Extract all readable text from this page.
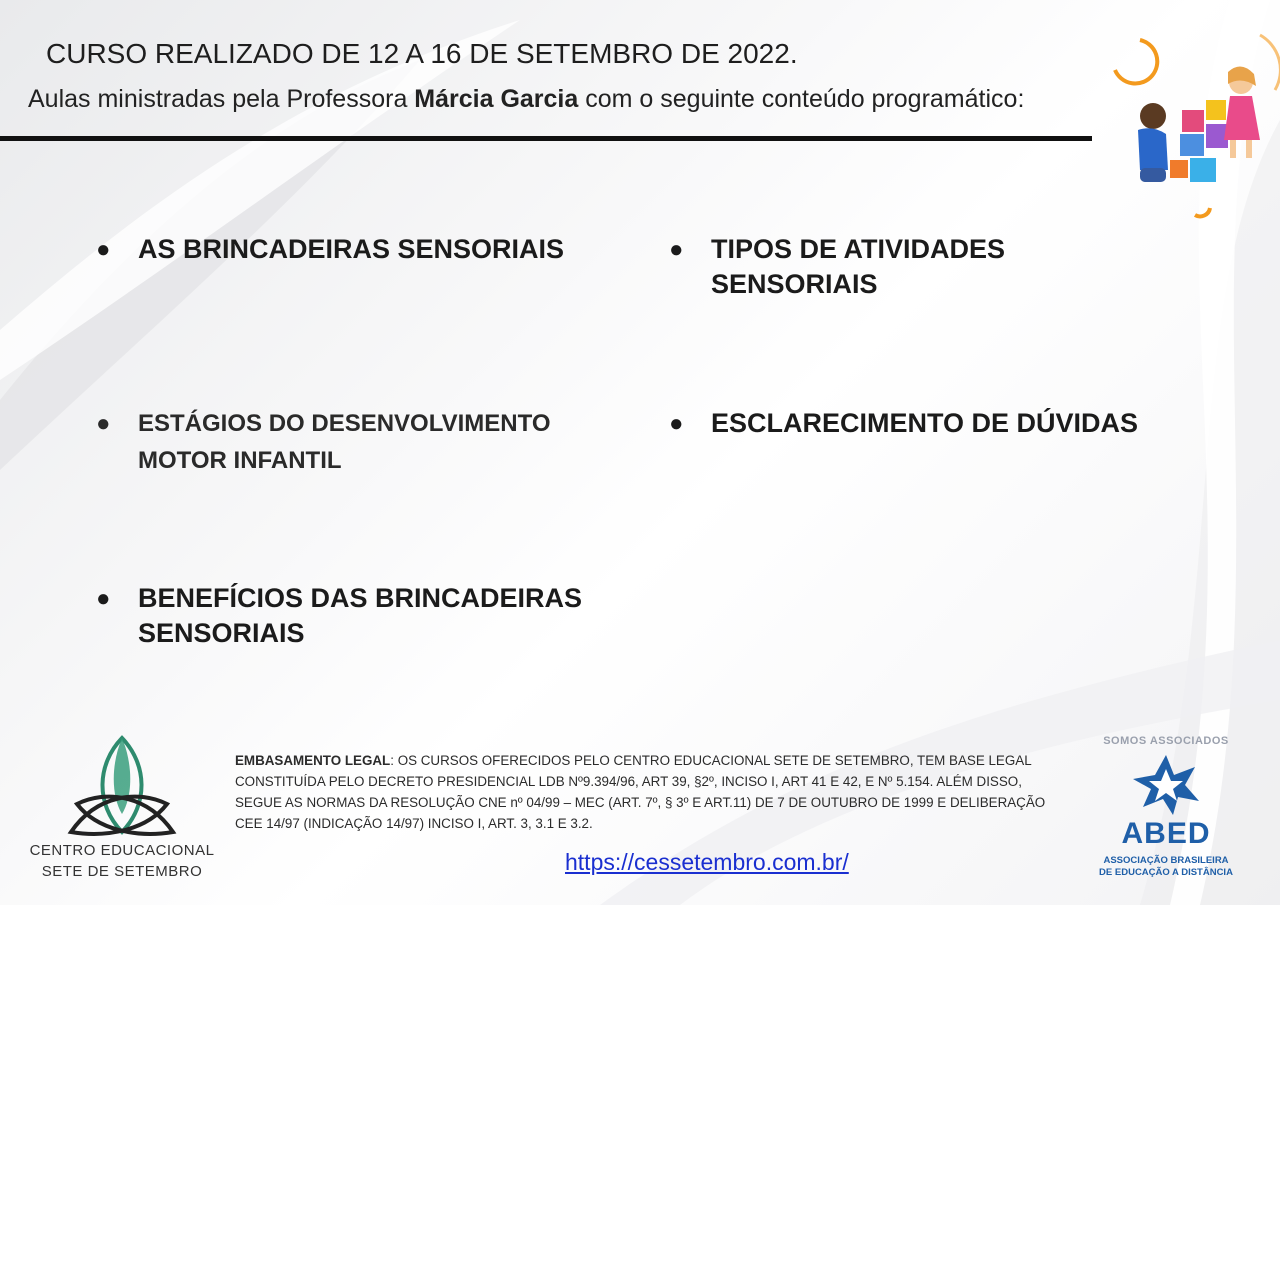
CURSO REALIZADO DE 12 A 16 DE SETEMBRO DE 2022.

Aulas ministradas pela Professora Márcia Garcia com o seguinte conteúdo programático:

● AS BRINCADEIRAS SENSORIAIS
● ESTÁGIOS DO DESENVOLVIMENTO
MOTOR INFANTIL
● BENEFÍCIOS DAS BRINCADEIRAS
SENSORIAIS
● TIPOS DE ATIVIDADES
SENSORIAIS
● ESCLARECIMENTO DE DÚVIDAS
CENTRO EDUCACIONAL
SETE DE SETEMBRO

EMBASAMENTO LEGAL: OS CURSOS OFERECIDOS PELO CENTRO EDUCACIONAL SETE DE SETEMBRO, TEM BASE LEGAL CONSTITUÍDA PELO DECRETO PRESIDENCIAL LDB Nº9.394/96, ART 39, §2º, INCISO I, ART 41 E 42, E Nº 5.154. ALÉM DISSO, SEGUE AS NORMAS DA RESOLUÇÃO CNE nº 04/99 – MEC (ART. 7º, § 3º E ART.11) DE 7 DE OUTUBRO DE 1999 E DELIBERAÇÃO CEE 14/97 (INDICAÇÃO 14/97) INCISO I, ART. 3, 3.1 E 3.2.

https://cessetembro.com.br/
SOMOS ASSOCIADOS
ABED
ASSOCIAÇÃO BRASILEIRA
DE EDUCAÇÃO A DISTÂNCIA
